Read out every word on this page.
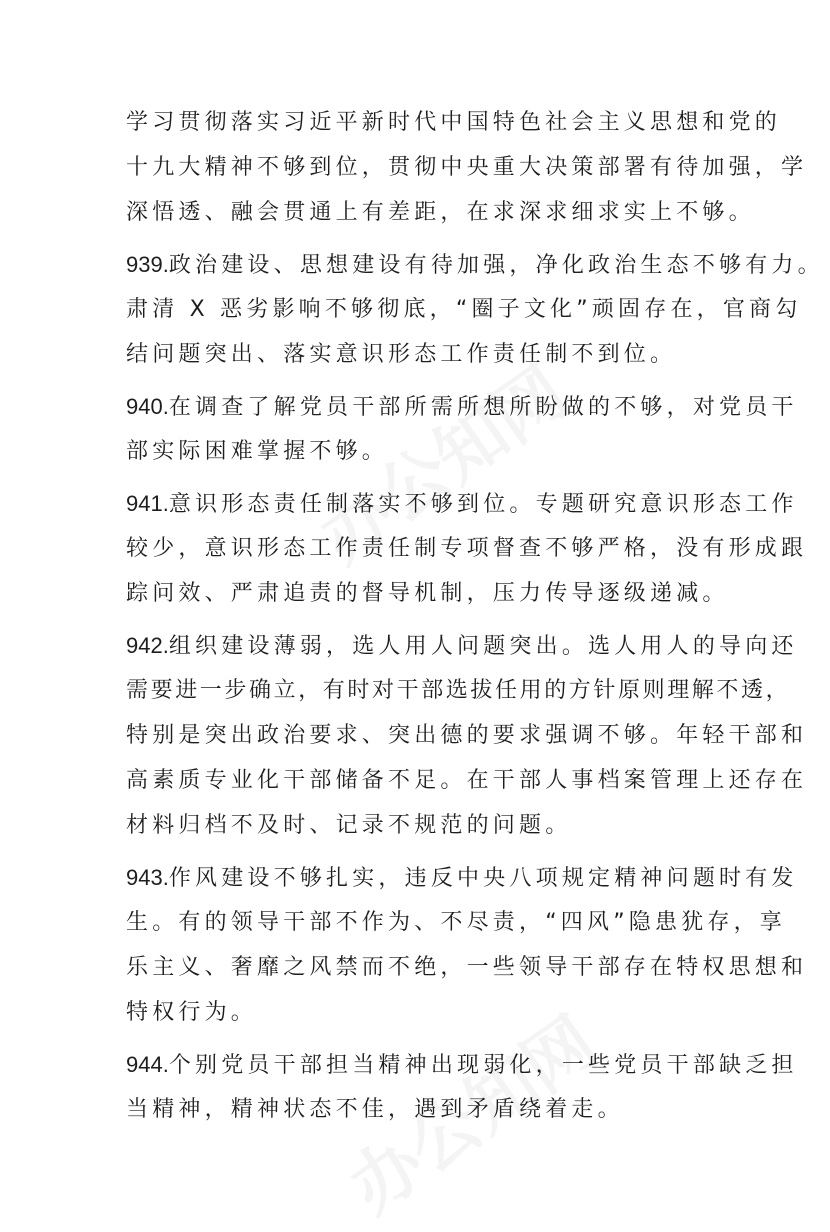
学习贯彻落实习近平新时代中国特色社会主义思想和党的
十九大精神不够到位，贯彻中央重大决策部署有待加强，学
深悟透、融会贯通上有差距，在求深求细求实上不够。
939.政治建设、思想建设有待加强，净化政治生态不够有力。
肃清 X 恶劣影响不够彻底，“圈子文化”顽固存在，官商勾
结问题突出、落实意识形态工作责任制不到位。
940.在调查了解党员干部所需所想所盼做的不够，对党员干
部实际困难掌握不够。
941.意识形态责任制落实不够到位。专题研究意识形态工作
较少，意识形态工作责任制专项督查不够严格，没有形成跟
踪问效、严肃追责的督导机制，压力传导逐级递减。
942.组织建设薄弱，选人用人问题突出。选人用人的导向还
需要进一步确立，有时对干部选拔任用的方针原则理解不透，
特别是突出政治要求、突出德的要求强调不够。年轻干部和
高素质专业化干部储备不足。在干部人事档案管理上还存在
材料归档不及时、记录不规范的问题。
943.作风建设不够扎实，违反中央八项规定精神问题时有发
生。有的领导干部不作为、不尽责，“四风”隐患犹存，享
乐主义、奢靡之风禁而不绝，一些领导干部存在特权思想和
特权行为。
944.个别党员干部担当精神出现弱化，一些党员干部缺乏担
当精神，精神状态不佳，遇到矛盾绕着走。
